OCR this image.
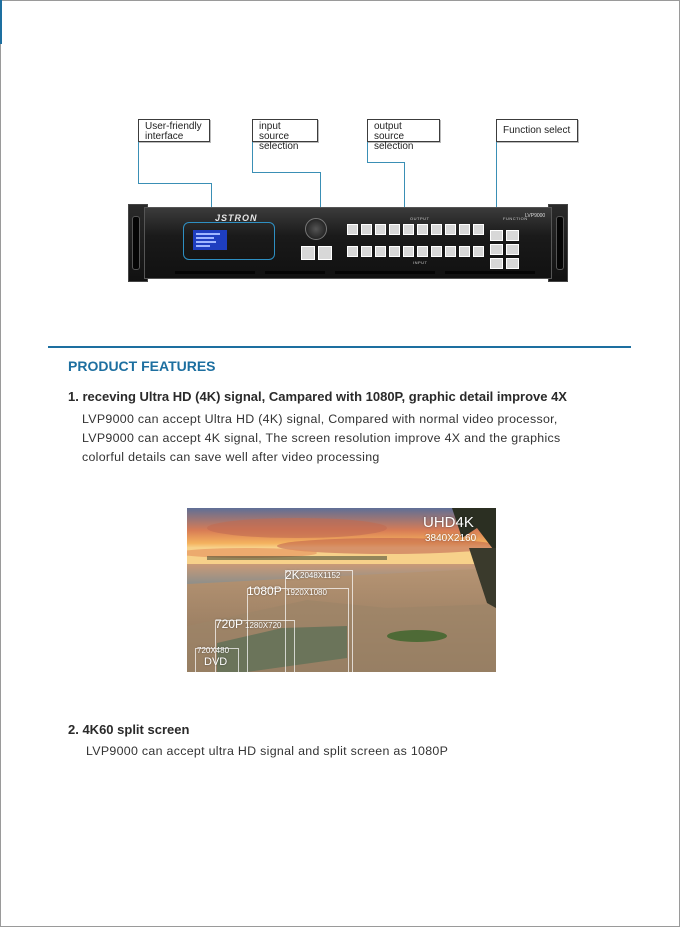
User-friendly
interface
input source
selection
output source
selection
Function select
JSTRON	OUTPUT
INPUT
FUNCTION
LVP9000
PRODUCT FEATURES
1. receving Ultra HD (4K) signal, Campared with 1080P, graphic detail improve 4X
LVP9000 can accept Ultra HD (4K) signal, Compared with normal video processor,
LVP9000 can accept 4K signal, The screen resolution improve 4X and the graphics
colorful details can save well after video processing
UHD4K
3840X2160
2K 2048X1152
1080P 1920X1080
720P 1280X720
720X480
DVD
2. 4K60 split screen
LVP9000 can accept ultra HD signal and split screen as 1080P
